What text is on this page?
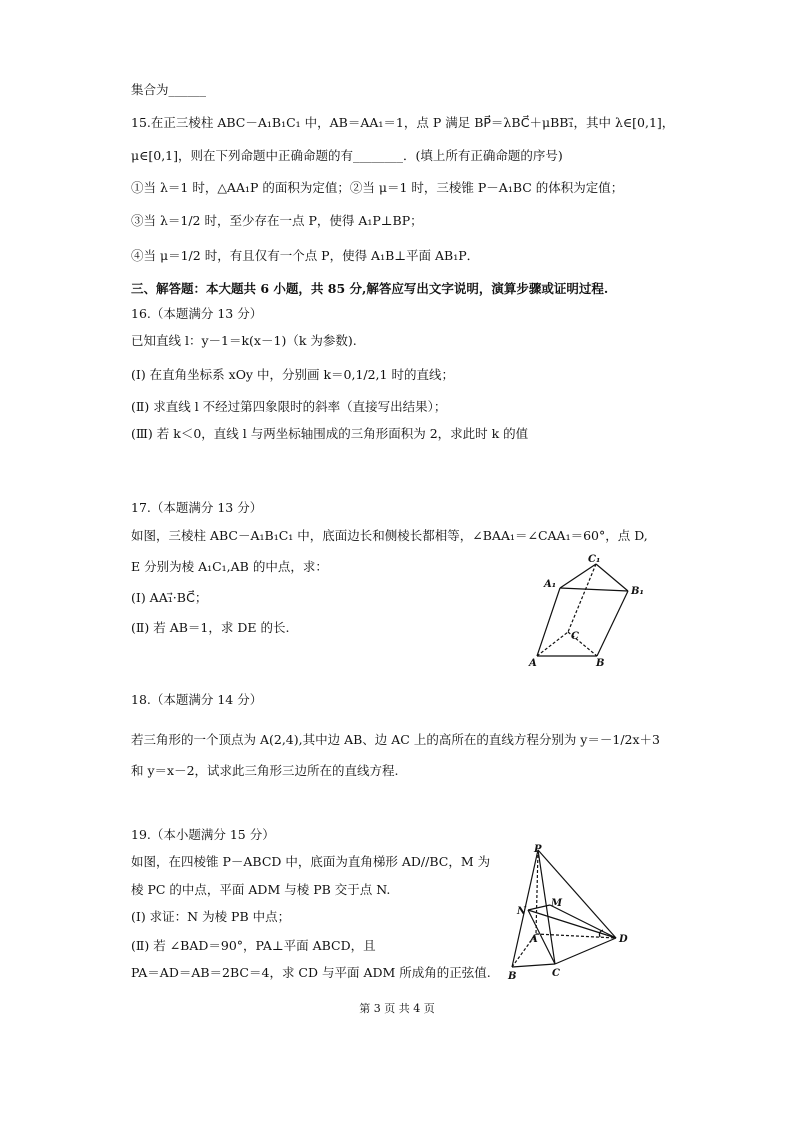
集合为______
15.在正三棱柱 ABC－A₁B₁C₁ 中，AB＝AA₁＝1，点 P 满足 BP⃗＝λBC⃗＋μBB₁⃗，其中 λ∈[0,1]，
μ∈[0,1]，则在下列命题中正确命题的有________．(填上所有正确命题的序号)
①当 λ＝1 时，△AA₁P 的面积为定值；②当 μ＝1 时，三棱锥 P－A₁BC 的体积为定值；
③当 λ＝1/2 时，至少存在一点 P，使得 A₁P⊥BP；
④当 μ＝1/2 时，有且仅有一个点 P，使得 A₁B⊥平面 AB₁P．
三、解答题：本大题共 6 小题，共 85 分,解答应写出文字说明，演算步骤或证明过程.
16.（本题满分 13 分）
已知直线 l：y－1＝k(x－1)（k 为参数).
(Ⅰ) 在直角坐标系 xOy 中，分别画 k＝0,1/2,1 时的直线；
(Ⅱ) 求直线 l 不经过第四象限时的斜率（直接写出结果）；
(Ⅲ) 若 k＜0，直线 l 与两坐标轴围成的三角形面积为 2，求此时 k 的值
17.（本题满分 13 分）
如图，三棱柱 ABC－A₁B₁C₁ 中，底面边长和侧棱长都相等，∠BAA₁＝∠CAA₁＝60°，点 D,
E 分别为棱 A₁C₁,AB 的中点，求：
(Ⅰ) AA₁⃗·BC⃗；
(Ⅱ) 若 AB＝1，求 DE 的长.
C₁
A₁
B₁
C
A	B
18.（本题满分 14 分）
若三角形的一个顶点为 A(2,4),其中边 AB、边 AC 上的高所在的直线方程分别为 y＝－1/2x＋3
和 y＝x－2，试求此三角形三边所在的直线方程.
19.（本小题满分 15 分）
如图，在四棱锥 P－ABCD 中，底面为直角梯形 AD//BC，M 为
棱 PC 的中点，平面 ADM 与棱 PB 交于点 N.
(Ⅰ) 求证：N 为棱 PB 中点；
(Ⅱ) 若 ∠BAD＝90°，PA⊥平面 ABCD，且
PA＝AD＝AB＝2BC＝4，求 CD 与平面 ADM 所成角的正弦值.
P
N
M
A	D
B	C
第 3 页 共 4 页
